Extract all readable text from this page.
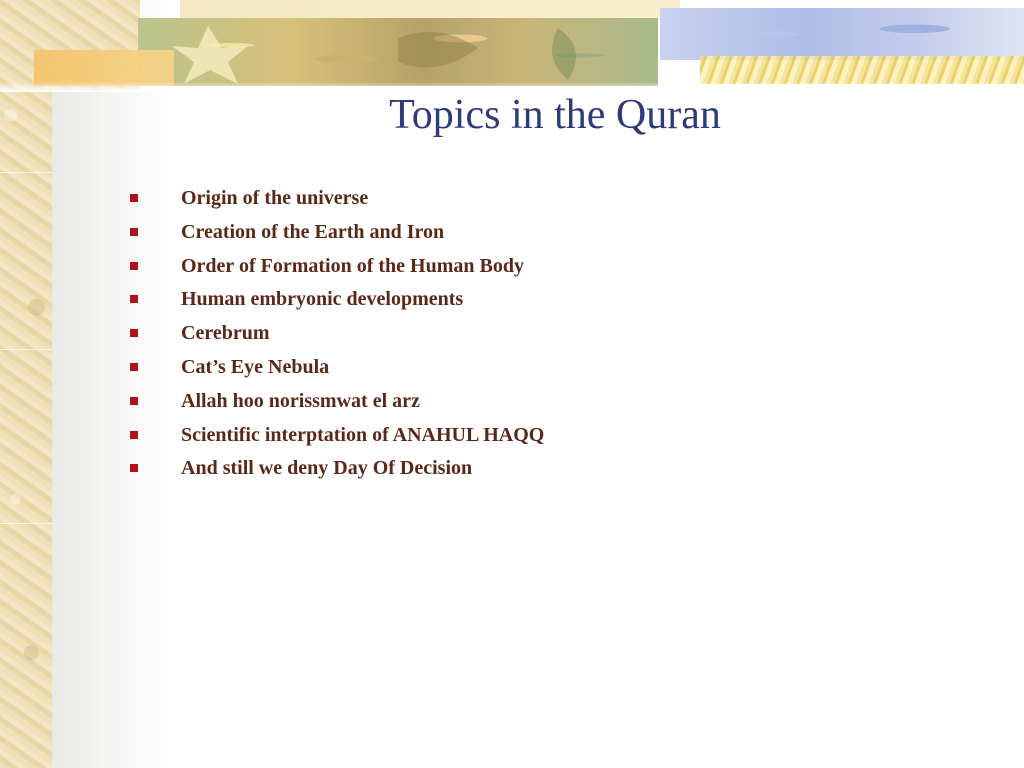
Topics in the Quran
Origin of the universe
Creation of the Earth and Iron
Order of Formation of the Human Body
Human embryonic developments
Cerebrum
Cat’s Eye Nebula
Allah hoo norissmwat el arz
Scientific interptation of ANAHUL HAQQ
And still we deny Day Of Decision
